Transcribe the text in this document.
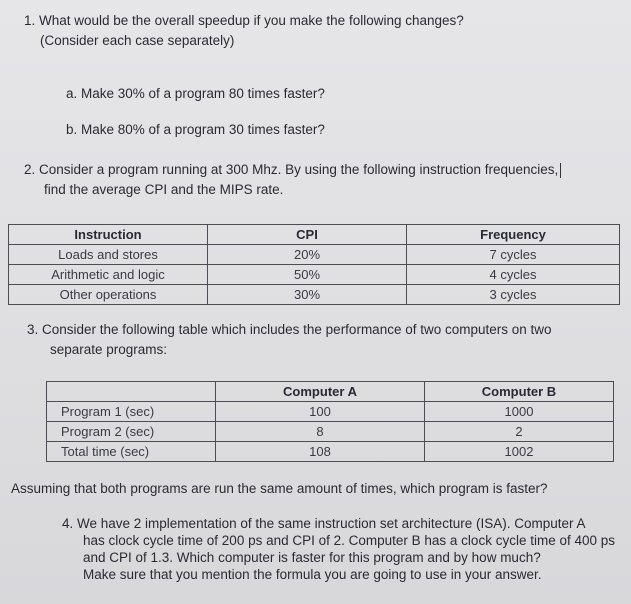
1. What would be the overall speedup if you make the following changes?
(Consider each case separately)
a. Make 30% of a program 80 times faster?
b. Make 80% of a program 30 times faster?
2. Consider a program running at 300 Mhz. By using the following instruction frequencies,
find the average CPI and the MIPS rate.
Instruction	CPI	Frequency
Loads and stores	20%	7 cycles
Arithmetic and logic	50%	4 cycles
Other operations	30%	3 cycles
3. Consider the following table which includes the performance of two computers on two
separate programs:
	Computer A	Computer B
Program 1 (sec)	100	1000
Program 2 (sec)	8	2
Total time (sec)	108	1002
Assuming that both programs are run the same amount of times, which program is faster?
4. We have 2 implementation of the same instruction set architecture (ISA). Computer A
has clock cycle time of 200 ps and CPI of 2. Computer B has a clock cycle time of 400 ps
and CPI of 1.3. Which computer is faster for this program and by how much?
Make sure that you mention the formula you are going to use in your answer.
